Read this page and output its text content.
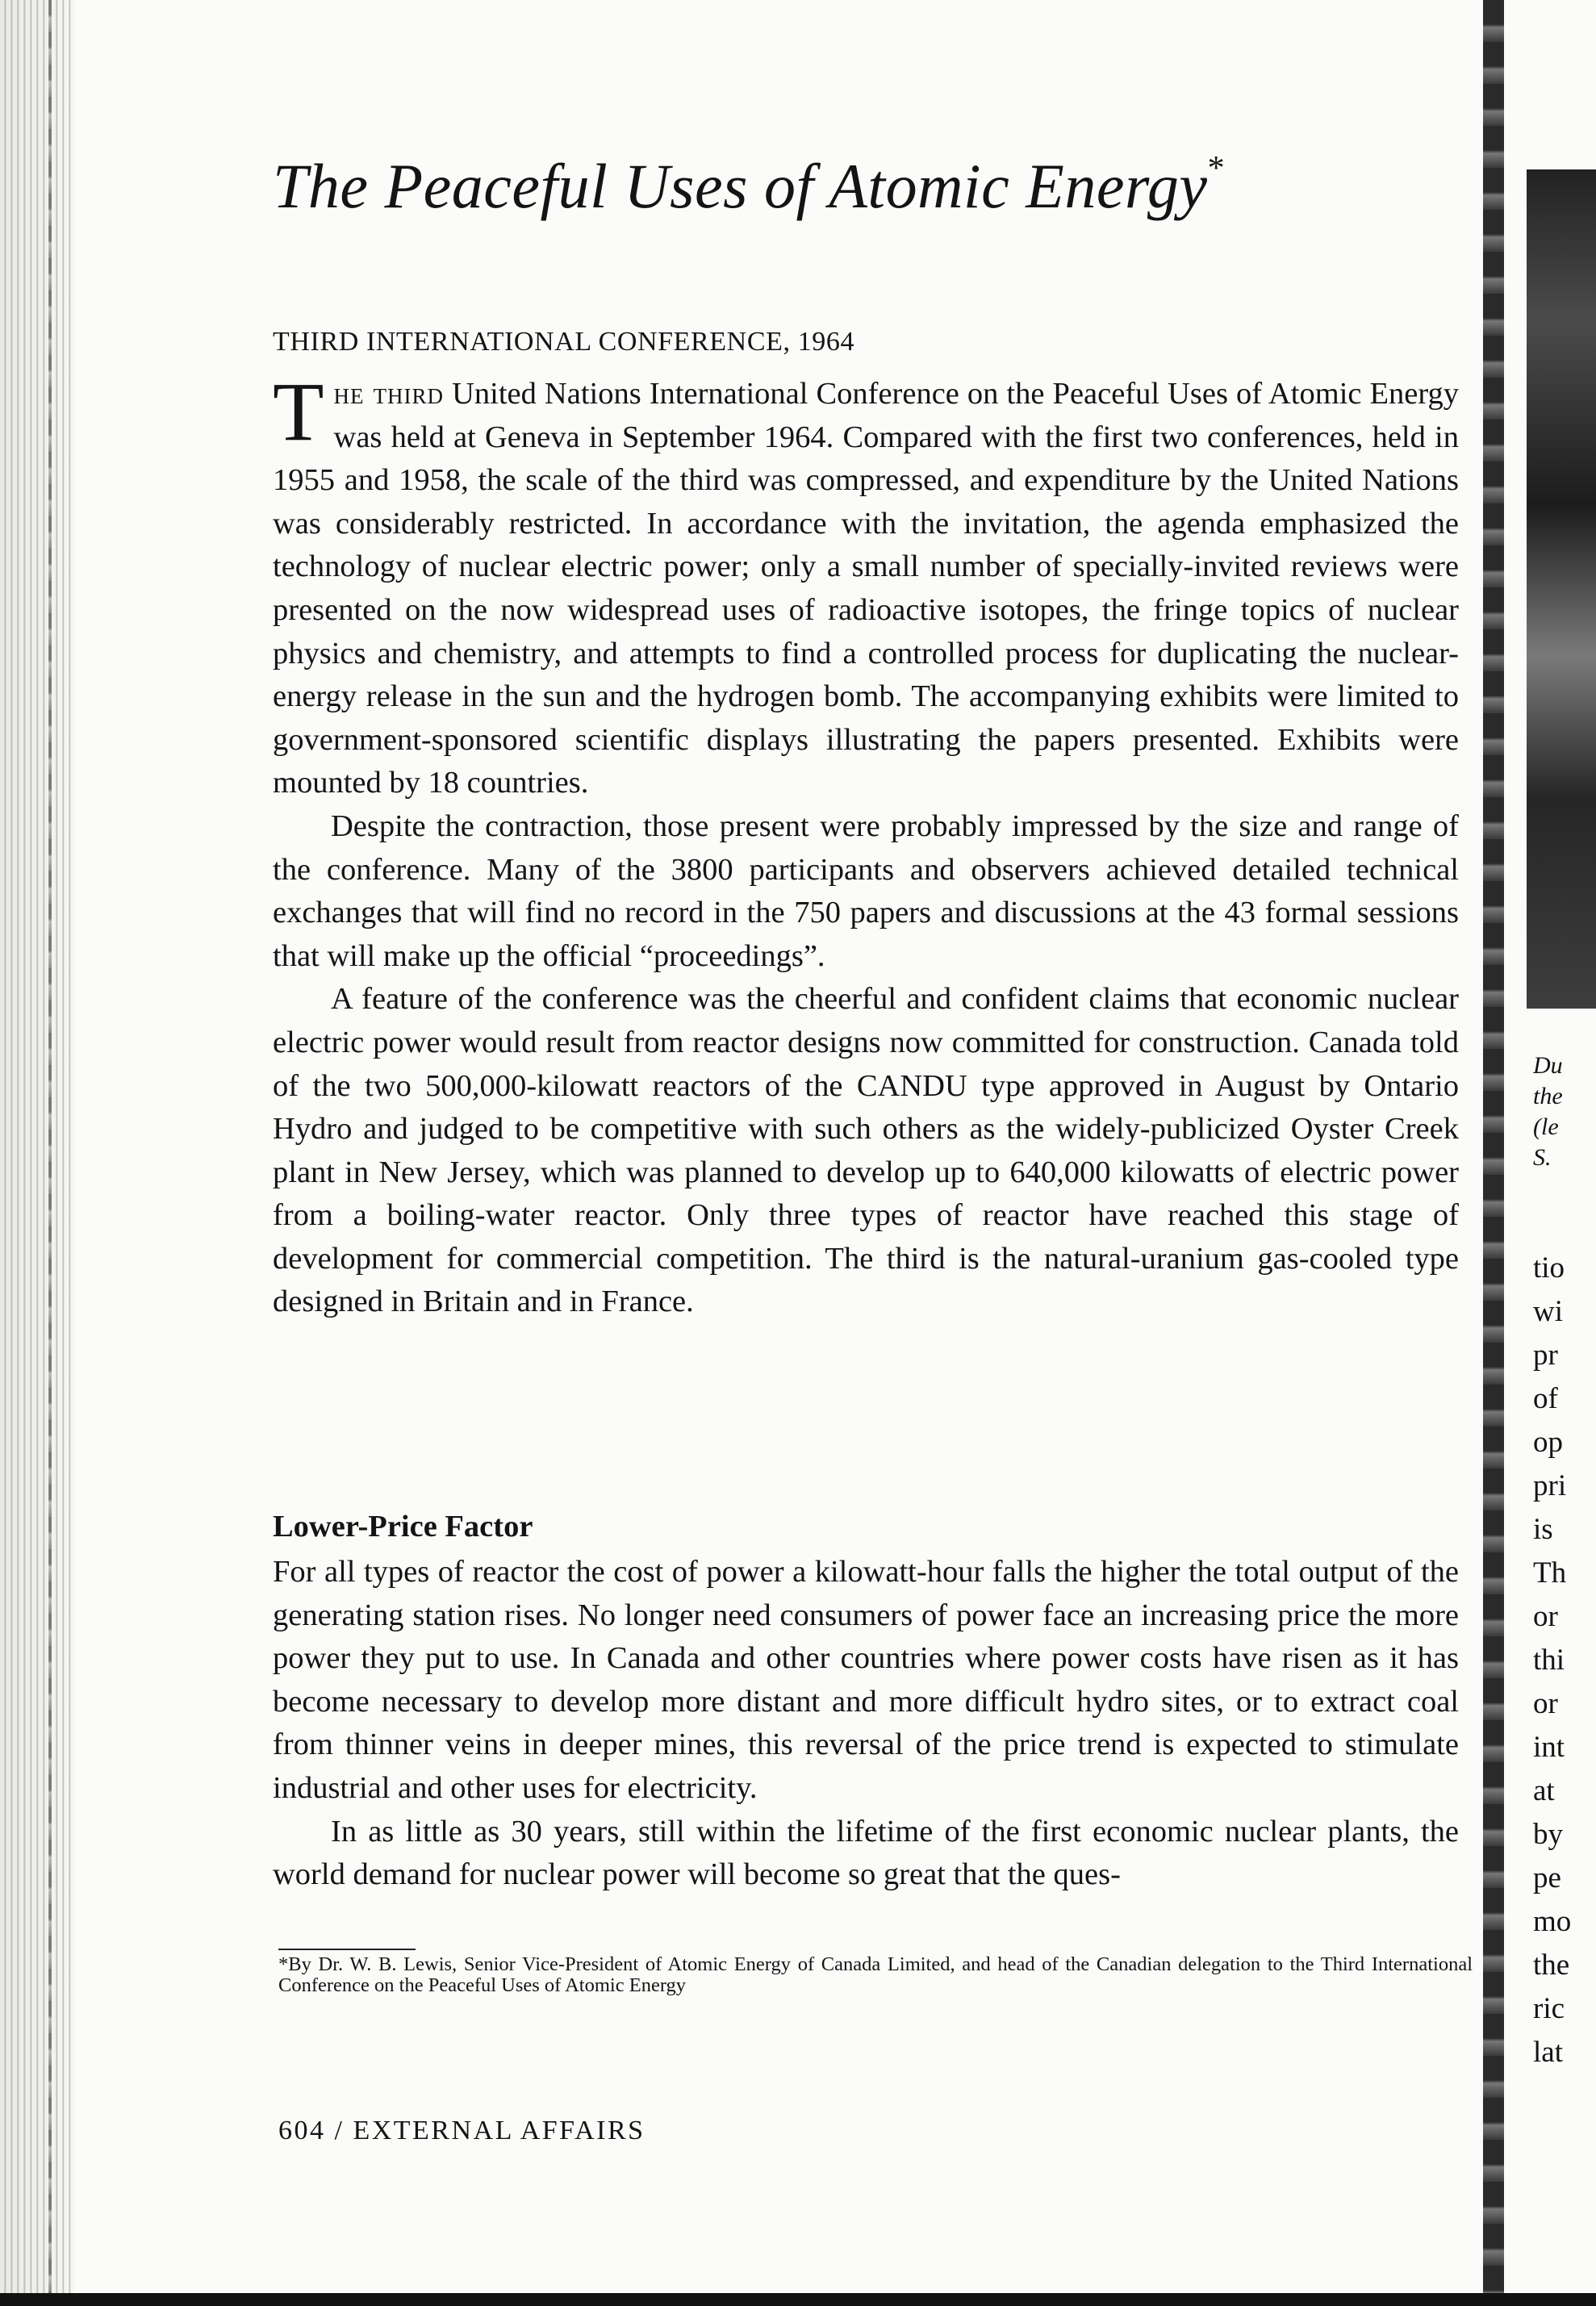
The Peaceful Uses of Atomic Energy*
THIRD INTERNATIONAL CONFERENCE, 1964

The third United Nations International Conference on the Peaceful Uses of Atomic Energy was held at Geneva in September 1964. Compared with the first two conferences, held in 1955 and 1958, the scale of the third was compressed, and expenditure by the United Nations was considerably restricted. In accordance with the invitation, the agenda emphasized the technology of nuclear electric power; only a small number of specially-invited reviews were presented on the now widespread uses of radioactive isotopes, the fringe topics of nuclear physics and chemistry, and attempts to find a controlled process for duplicating the nuclear-energy release in the sun and the hydrogen bomb. The accompanying exhibits were limited to government-sponsored scientific displays illustrating the papers presented. Exhibits were mounted by 18 countries.

Despite the contraction, those present were probably impressed by the size and range of the conference. Many of the 3800 participants and observers achieved detailed technical exchanges that will find no record in the 750 papers and discussions at the 43 formal sessions that will make up the official “proceedings”.

A feature of the conference was the cheerful and confident claims that economic nuclear electric power would result from reactor designs now committed for construction. Canada told of the two 500,000-kilowatt reactors of the CANDU type approved in August by Ontario Hydro and judged to be competitive with such others as the widely-publicized Oyster Creek plant in New Jersey, which was planned to develop up to 640,000 kilowatts of electric power from a boiling-water reactor. Only three types of reactor have reached this stage of development for commercial competition. The third is the natural-uranium gas-cooled type designed in Britain and in France.

Lower-Price Factor

For all types of reactor the cost of power a kilowatt-hour falls the higher the total output of the generating station rises. No longer need consumers of power face an increasing price the more power they put to use. In Canada and other countries where power costs have risen as it has become necessary to develop more distant and more difficult hydro sites, or to extract coal from thinner veins in deeper mines, this reversal of the price trend is expected to stimulate industrial and other uses for electricity.

In as little as 30 years, still within the lifetime of the first economic nuclear plants, the world demand for nuclear power will become so great that the ques-

*By Dr. W. B. Lewis, Senior Vice-President of Atomic Energy of Canada Limited, and head of the Canadian delegation to the Third International Conference on the Peaceful Uses of Atomic Energy
604 / EXTERNAL AFFAIRS
Du
the
(le
S.
tio
wi
pr
of
op
pri
is
Th
or
thi
or
int
at
by
pe
mo
the
ric
lat
